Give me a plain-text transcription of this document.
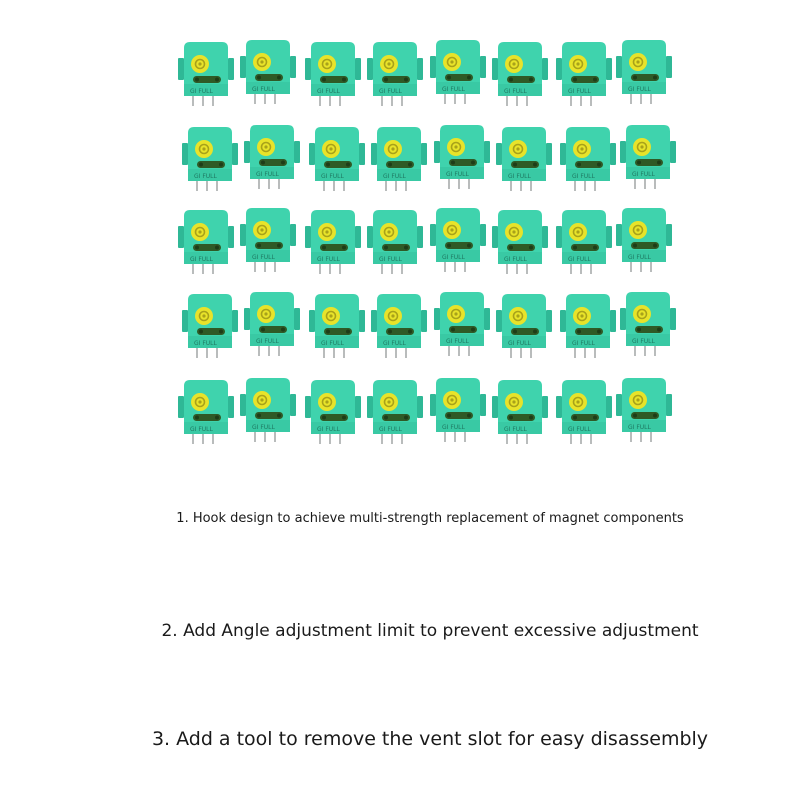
GI FULL	GI FULL	GI FULL	GI FULL	GI FULL	GI FULL	GI FULL	GI FULL
GI FULL	GI FULL	GI FULL	GI FULL	GI FULL	GI FULL	GI FULL	GI FULL
GI FULL	GI FULL	GI FULL	GI FULL	GI FULL	GI FULL	GI FULL	GI FULL
GI FULL	GI FULL	GI FULL	GI FULL	GI FULL	GI FULL	GI FULL	GI FULL
GI FULL	GI FULL	GI FULL	GI FULL	GI FULL	GI FULL	GI FULL	GI FULL

1. Hook design to achieve multi-strength replacement of magnet components

2. Add Angle adjustment limit to prevent excessive adjustment

3. Add a tool to remove the vent slot for easy disassembly
